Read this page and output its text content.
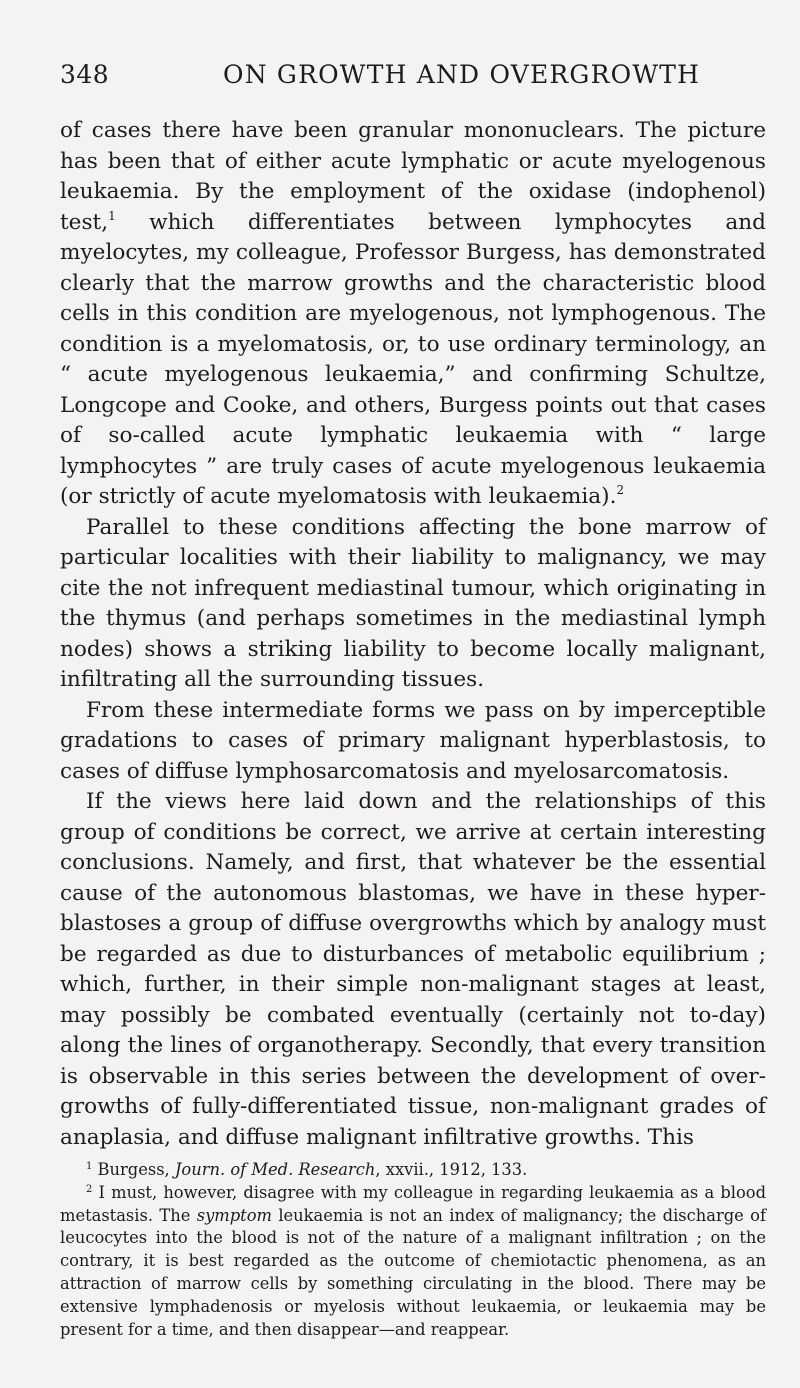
348	ON GROWTH AND OVERGROWTH

of cases there have been granular mononuclears. The picture has been that of either acute lymphatic or acute myelogenous leukaemia. By the employment of the oxidase (indophenol) test,$^1$ which differentiates between lymphocytes and myelocytes, my colleague, Professor Burgess, has demonstrated clearly that the marrow growths and the characteristic blood cells in this condition are myelogenous, not lymphogenous. The condition is a myelomatosis, or, to use ordinary terminology, an “ acute myelogenous leukaemia,” and confirming Schultze, Longcope and Cooke, and others, Burgess points out that cases of so-called acute lymphatic leukaemia with “ large lymphocytes ” are truly cases of acute myelogenous leukaemia (or strictly of acute myelomatosis with leukaemia).$^2$

Parallel to these conditions affecting the bone marrow of particular localities with their liability to malignancy, we may cite the not infrequent mediastinal tumour, which originating in the thymus (and perhaps sometimes in the mediastinal lymph nodes) shows a striking liability to become locally malignant, infiltrating all the surrounding tissues.

From these intermediate forms we pass on by imperceptible gradations to cases of primary malignant hyperblastosis, to cases of diffuse lymphosarcomatosis and myelosarcomatosis.

If the views here laid down and the relationships of this group of conditions be correct, we arrive at certain interesting conclusions. Namely, and first, that whatever be the essential cause of the autonomous blastomas, we have in these hyperblastoses a group of diffuse overgrowths which by analogy must be regarded as due to disturbances of metabolic equilibrium ; which, further, in their simple non-malignant stages at least, may possibly be combated eventually (certainly not to-day) along the lines of organotherapy. Secondly, that every transition is observable in this series between the development of overgrowths of fully-differentiated tissue, non-malignant grades of anaplasia, and diffuse malignant infiltrative growths. This

$^1$ Burgess, Journ. of Med. Research, xxvii., 1912, 133.

$^2$ I must, however, disagree with my colleague in regarding leukaemia as a blood metastasis. The symptom leukaemia is not an index of malignancy; the discharge of leucocytes into the blood is not of the nature of a malignant infiltration ; on the contrary, it is best regarded as the outcome of chemiotactic phenomena, as an attraction of marrow cells by something circulating in the blood. There may be extensive lymphadenosis or myelosis without leukaemia, or leukaemia may be present for a time, and then disappear—and reappear.
